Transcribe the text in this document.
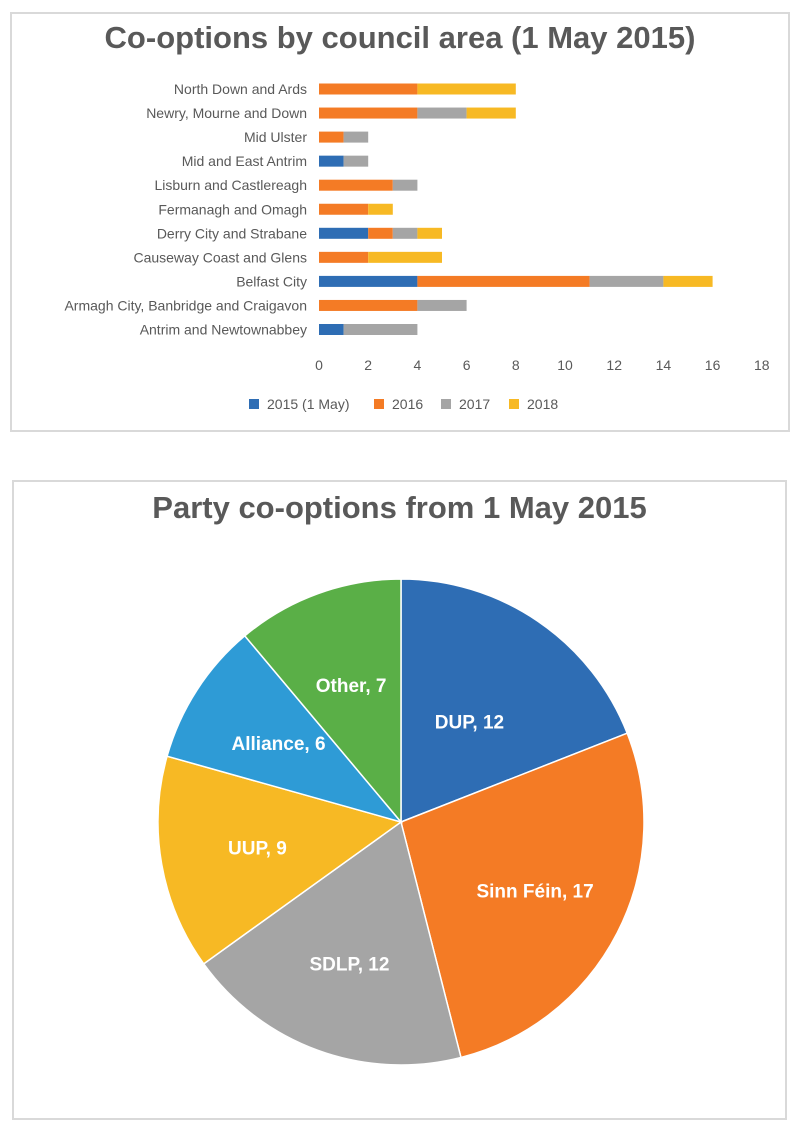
Co-options by council area (1 May 2015)
North Down and Ards
Newry, Mourne and Down
Mid Ulster
Mid and East Antrim
Lisburn and Castlereagh
Fermanagh and Omagh
Derry City and Strabane
Causeway Coast and Glens
Belfast City
Armagh City, Banbridge and Craigavon
Antrim and Newtownabbey
0	2	4	6	8	10 12 14 16 18
2015 (1 May)	2016	2017	2018
Party co-options from 1 May 2015
DUP, 12
Sinn Féin, 17
SDLP, 12
UUP, 9
Alliance, 6
Other, 7
